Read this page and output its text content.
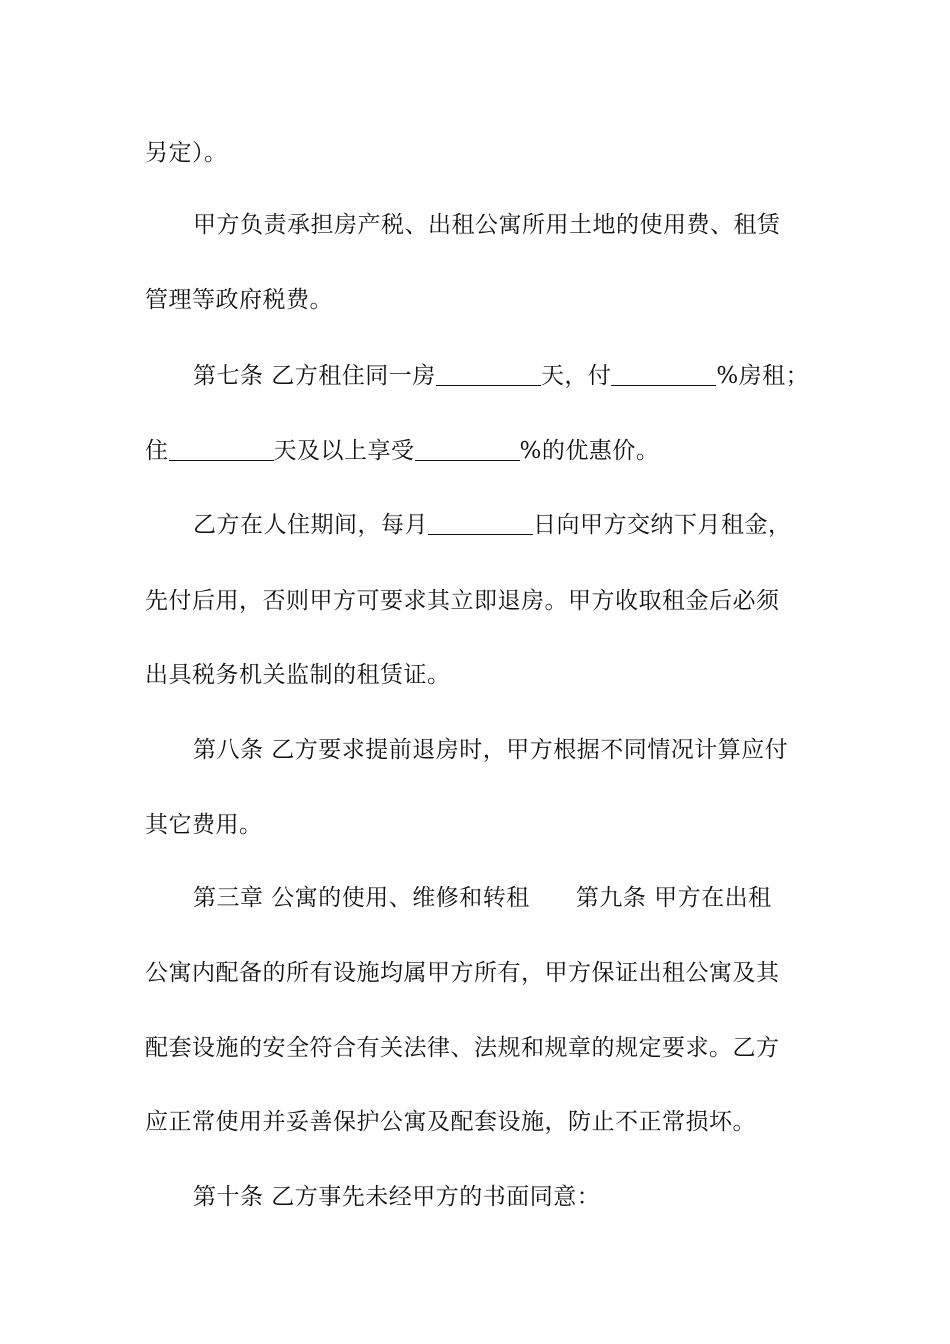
另定）。
甲方负责承担房产税、出租公寓所用土地的使用费、租赁
管理等政府税费。
第七条 乙方租住同一房	天，付	%房租；
住	天及以上享受	%的优惠价。
乙方在人住期间，每月	日向甲方交纳下月租金，
先付后用，否则甲方可要求其立即退房。甲方收取租金后必须
出具税务机关监制的租赁证。
第八条 乙方要求提前退房时，甲方根据不同情况计算应付
其它费用。
第三章 公寓的使用、维修和转租 第九条 甲方在出租
公寓内配备的所有设施均属甲方所有，甲方保证出租公寓及其
配套设施的安全符合有关法律、法规和规章的规定要求。乙方
应正常使用并妥善保护公寓及配套设施，防止不正常损坏。
第十条 乙方事先未经甲方的书面同意：
